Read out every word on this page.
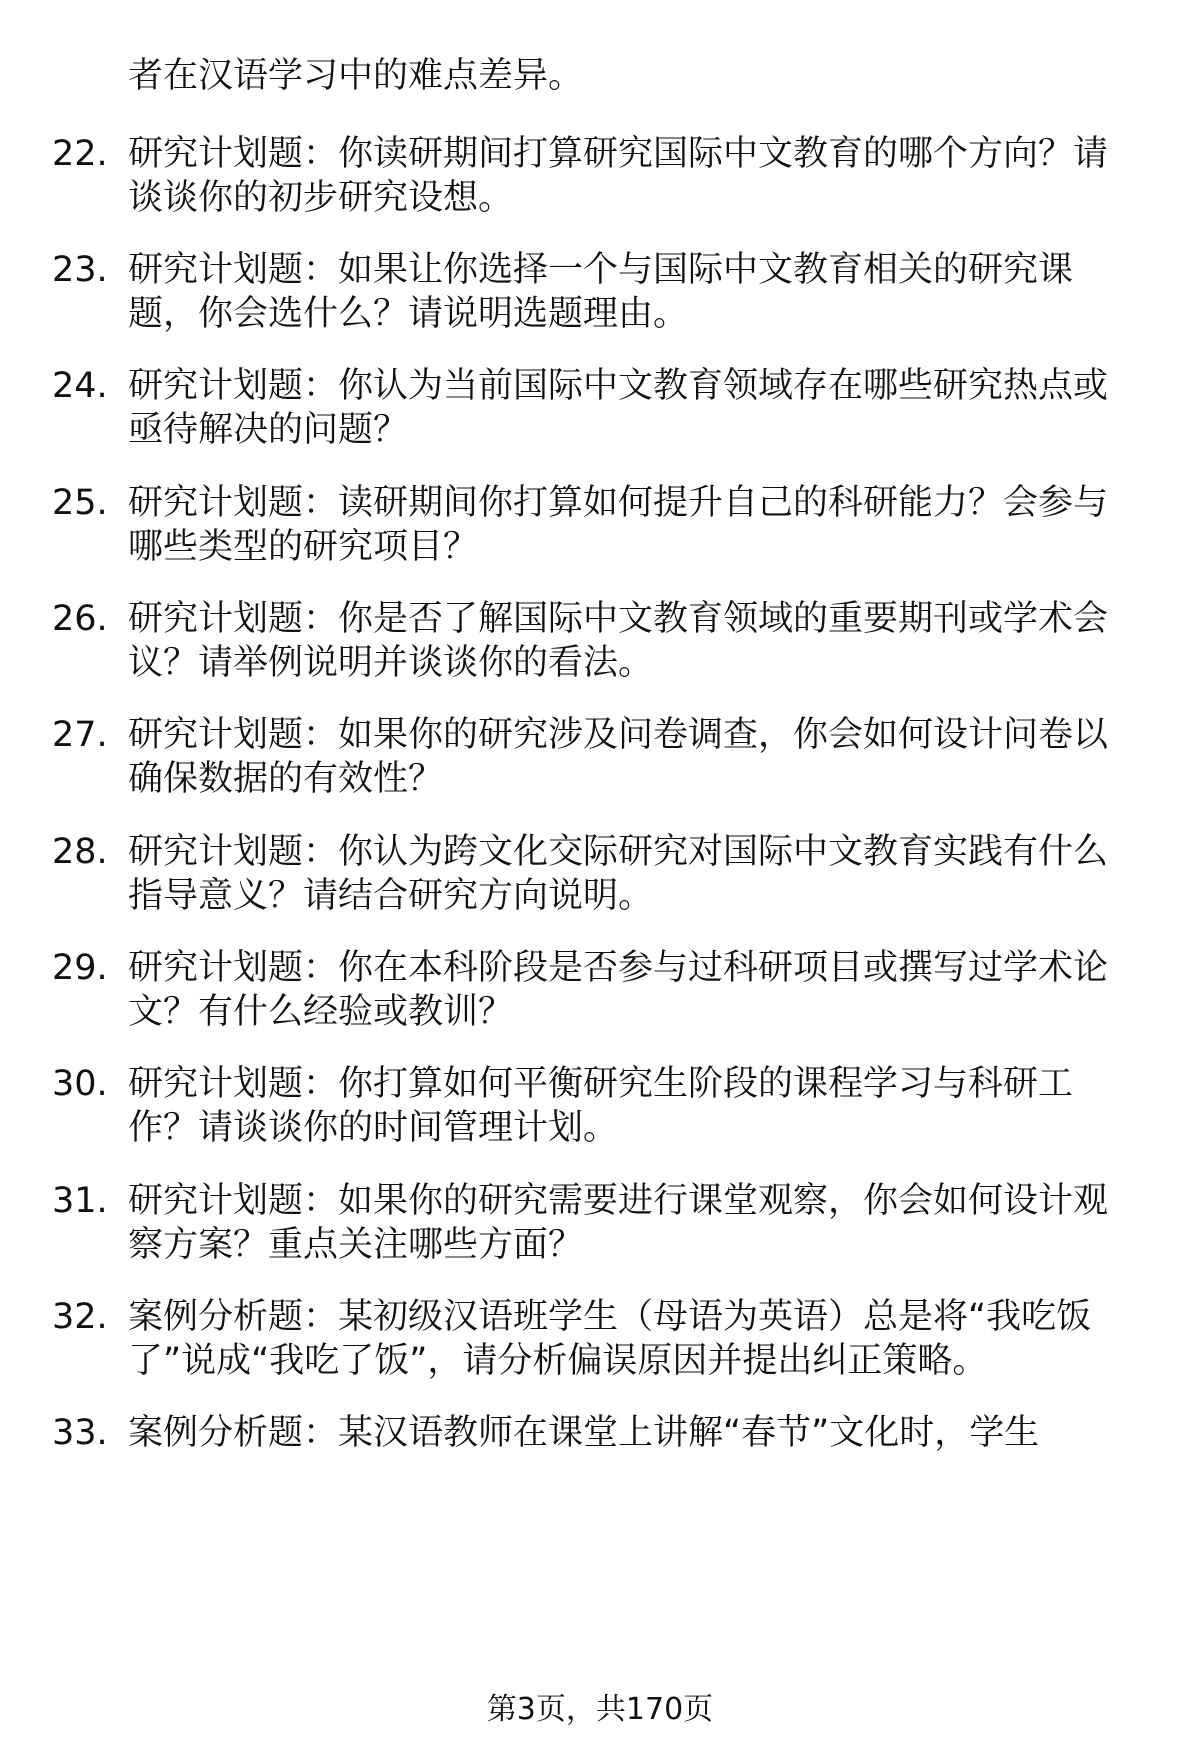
者在汉语学习中的难点差异。
22. 研究计划题：你读研期间打算研究国际中文教育的哪个方向？请
谈谈你的初步研究设想。
23. 研究计划题：如果让你选择一个与国际中文教育相关的研究课
题，你会选什么？请说明选题理由。
24. 研究计划题：你认为当前国际中文教育领域存在哪些研究热点或
亟待解决的问题？
25. 研究计划题：读研期间你打算如何提升自己的科研能力？会参与
哪些类型的研究项目？
26. 研究计划题：你是否了解国际中文教育领域的重要期刊或学术会
议？请举例说明并谈谈你的看法。
27. 研究计划题：如果你的研究涉及问卷调查，你会如何设计问卷以
确保数据的有效性？
28. 研究计划题：你认为跨文化交际研究对国际中文教育实践有什么
指导意义？请结合研究方向说明。
29. 研究计划题：你在本科阶段是否参与过科研项目或撰写过学术论
文？有什么经验或教训？
30. 研究计划题：你打算如何平衡研究生阶段的课程学习与科研工
作？请谈谈你的时间管理计划。
31. 研究计划题：如果你的研究需要进行课堂观察，你会如何设计观
察方案？重点关注哪些方面？
32. 案例分析题：某初级汉语班学生（母语为英语）总是将“我吃饭
了”说成“我吃了饭”，请分析偏误原因并提出纠正策略。
33. 案例分析题：某汉语教师在课堂上讲解“春节”文化时，学生
第3页，共170页
